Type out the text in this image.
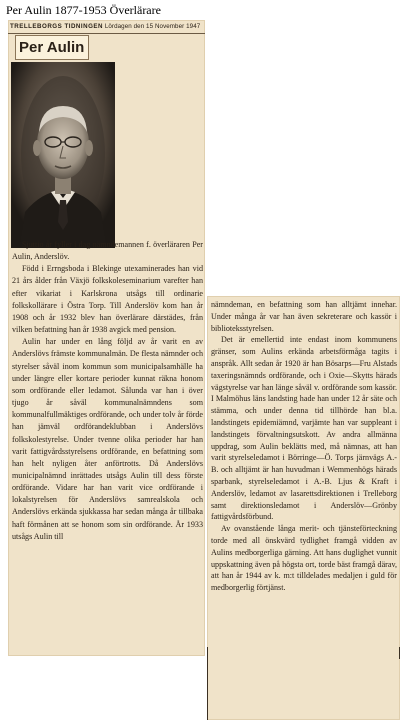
Per Aulin 1877-1953 Överlärare
TRELLEBORGS TIDNINGEN Lördagen den 15 November 1947
Per Aulin

Sjuttio år fyller i dag nämndemannen f. överläraren Per Aulin, Anderslöv.

Född i Errngsboda i Blekinge utexaminerades han vid 21 års ålder från Växjö folkskoleseminarium varefter han efter vikariat i Karlskrona utsågs till ordinarie folkskollärare i Östra Torp. Till Anderslöv kom han år 1908 och år 1932 blev han överlärare därstädes, från vilken befattning han år 1938 avgick med pension.

Aulin har under en lång följd av år varit en av Anderslövs främste kommunalmän. De flesta nämnder och styrelser såväl inom kommun som municipalsamhälle ha under längre eller kortare perioder kunnat räkna honom som ordförande eller ledamot. Sålunda var han i över tjugo år såväl kommunalnämndens som kommunalfullmäktiges ordförande, och under tolv år förde han jämväl ordförandeklubban i Anderslövs folkskolestyrelse. Under tvenne olika perioder har han varit fattigvårdsstyrelsens ordförande, en befattning som han helt nyligen åter anförtrotts. Då Anderslövs municipalnämnd inrättades utsågs Aulin till dess förste ordförande. Vidare har han varit vice ordförande i lokalstyrelsen för Anderslövs samrealskola och Anderslövs erkända sjukkassa har sedan många år tillbaka haft förmånen att se honom som sin ordförande. År 1933 utsågs Aulin till

nämndeman, en befattning som han alltjämt innehar. Under många år var han även sekreterare och kassör i biblioteksstyrelsen.

Det är emellertid inte endast inom kommunens gränser, som Aulins erkända arbetsförmåga tagits i anspråk. Allt sedan år 1920 är han Bösarps—Fru Alstads taxeringsnämnds ordförande, och i Oxie—Skytts härads vägstyrelse var han länge såväl v. ordförande som kassör. I Malmöhus läns landsting hade han under 12 år säte och stämma, och under denna tid tillhörde han bl.a. landstingets epidemiämnd, varjämte han var suppleant i landstingets förvaltningsutskott. Av andra allmänna uppdrag, som Aulin beklätts med, må nämnas, att han varit styrelseledamot i Börringe—Ö. Torps järnvägs A.-B. och alltjämt är han huvudman i Wemmenhögs härads sparbank, styrelseledamot i A.-B. Ljus & Kraft i Anderslöv, ledamot av lasarettsdirektionen i Trelleborg samt direktionsledamot i Anderslöv—Grönby fattigvårdsförbund.

Av ovanstående långa merit- och tjänsteförteckning torde med all önskvärd tydlighet framgå vidden av Aulins medborgerliga gärning. Att hans duglighet vunnit uppskattning även på högsta ort, torde bäst framgå därav, att han år 1944 av k. m:t tilldelades medaljen i guld för medborgerlig förtjänst.
